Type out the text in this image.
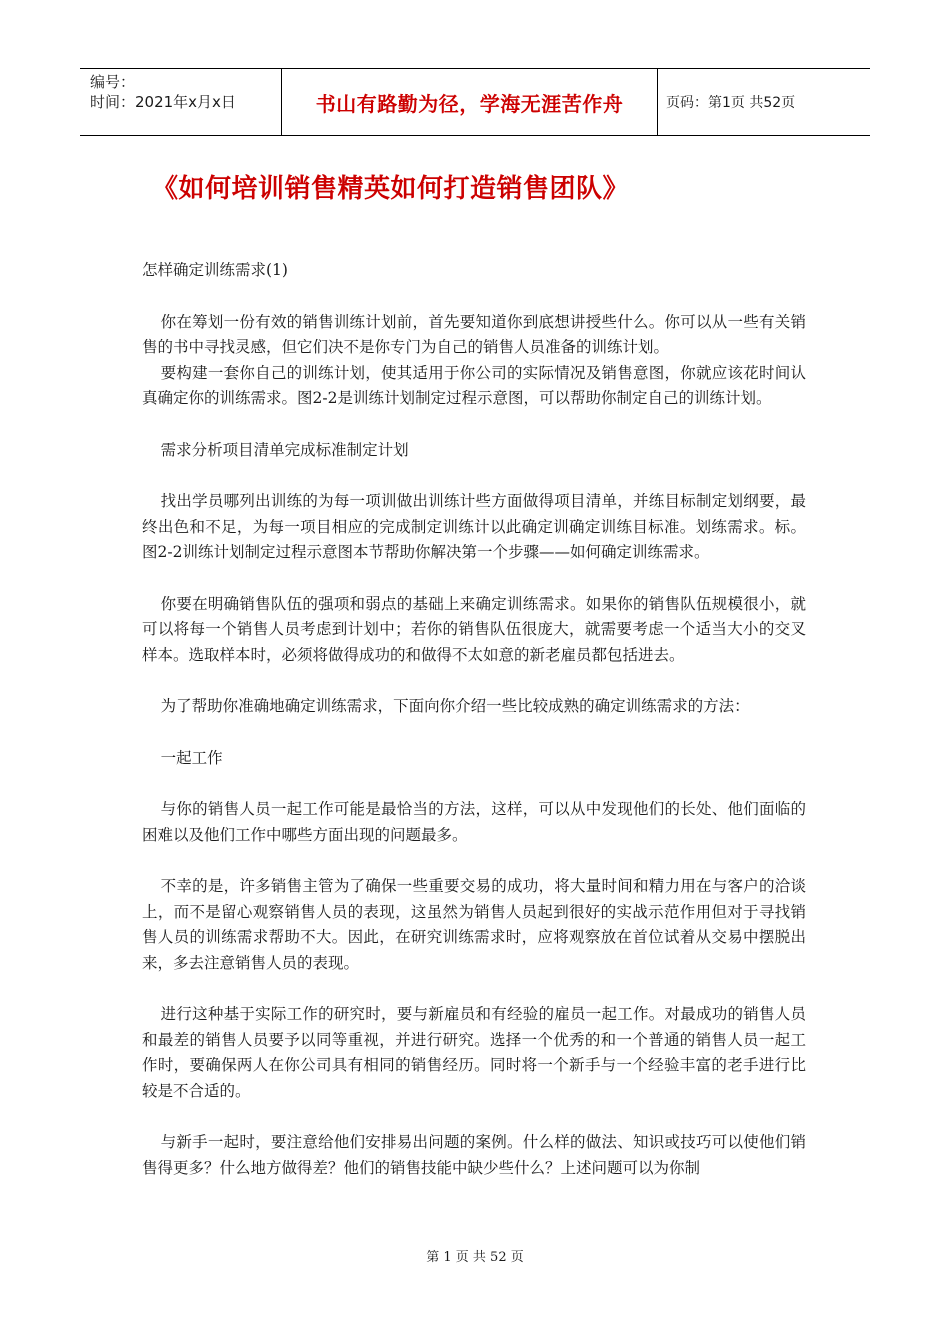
编号：
时间：2021年x月x日	书山有路勤为径，学海无涯苦作舟	页码：第1页 共52页
《如何培训销售精英如何打造销售团队》

怎样确定训练需求(1)

你在筹划一份有效的销售训练计划前，首先要知道你到底想讲授些什么。你可以从一些有关销售的书中寻找灵感，但它们决不是你专门为自己的销售人员准备的训练计划。

要构建一套你自己的训练计划，使其适用于你公司的实际情况及销售意图，你就应该花时间认真确定你的训练需求。图2-2是训练计划制定过程示意图，可以帮助你制定自己的训练计划。

需求分析项目清单完成标准制定计划

找出学员哪列出训练的为每一项训做出训练计些方面做得项目清单，并练目标制定划纲要，最终出色和不足，为每一项目相应的完成制定训练计以此确定训确定训练目标准。划练需求。标。图2-2训练计划制定过程示意图本节帮助你解决第一个步骤——如何确定训练需求。

你要在明确销售队伍的强项和弱点的基础上来确定训练需求。如果你的销售队伍规模很小，就可以将每一个销售人员考虑到计划中；若你的销售队伍很庞大，就需要考虑一个适当大小的交叉样本。选取样本时，必须将做得成功的和做得不太如意的新老雇员都包括进去。

为了帮助你准确地确定训练需求，下面向你介绍一些比较成熟的确定训练需求的方法：

一起工作

与你的销售人员一起工作可能是最恰当的方法，这样，可以从中发现他们的长处、他们面临的困难以及他们工作中哪些方面出现的问题最多。

不幸的是，许多销售主管为了确保一些重要交易的成功，将大量时间和精力用在与客户的洽谈上，而不是留心观察销售人员的表现，这虽然为销售人员起到很好的实战示范作用但对于寻找销售人员的训练需求帮助不大。因此，在研究训练需求时，应将观察放在首位试着从交易中摆脱出来，多去注意销售人员的表现。

进行这种基于实际工作的研究时，要与新雇员和有经验的雇员一起工作。对最成功的销售人员和最差的销售人员要予以同等重视，并进行研究。选择一个优秀的和一个普通的销售人员一起工作时，要确保两人在你公司具有相同的销售经历。同时将一个新手与一个经验丰富的老手进行比较是不合适的。

与新手一起时，要注意给他们安排易出问题的案例。什么样的做法、知识或技巧可以使他们销售得更多？什么地方做得差？他们的销售技能中缺少些什么？上述问题可以为你制

第 1 页 共 52 页
